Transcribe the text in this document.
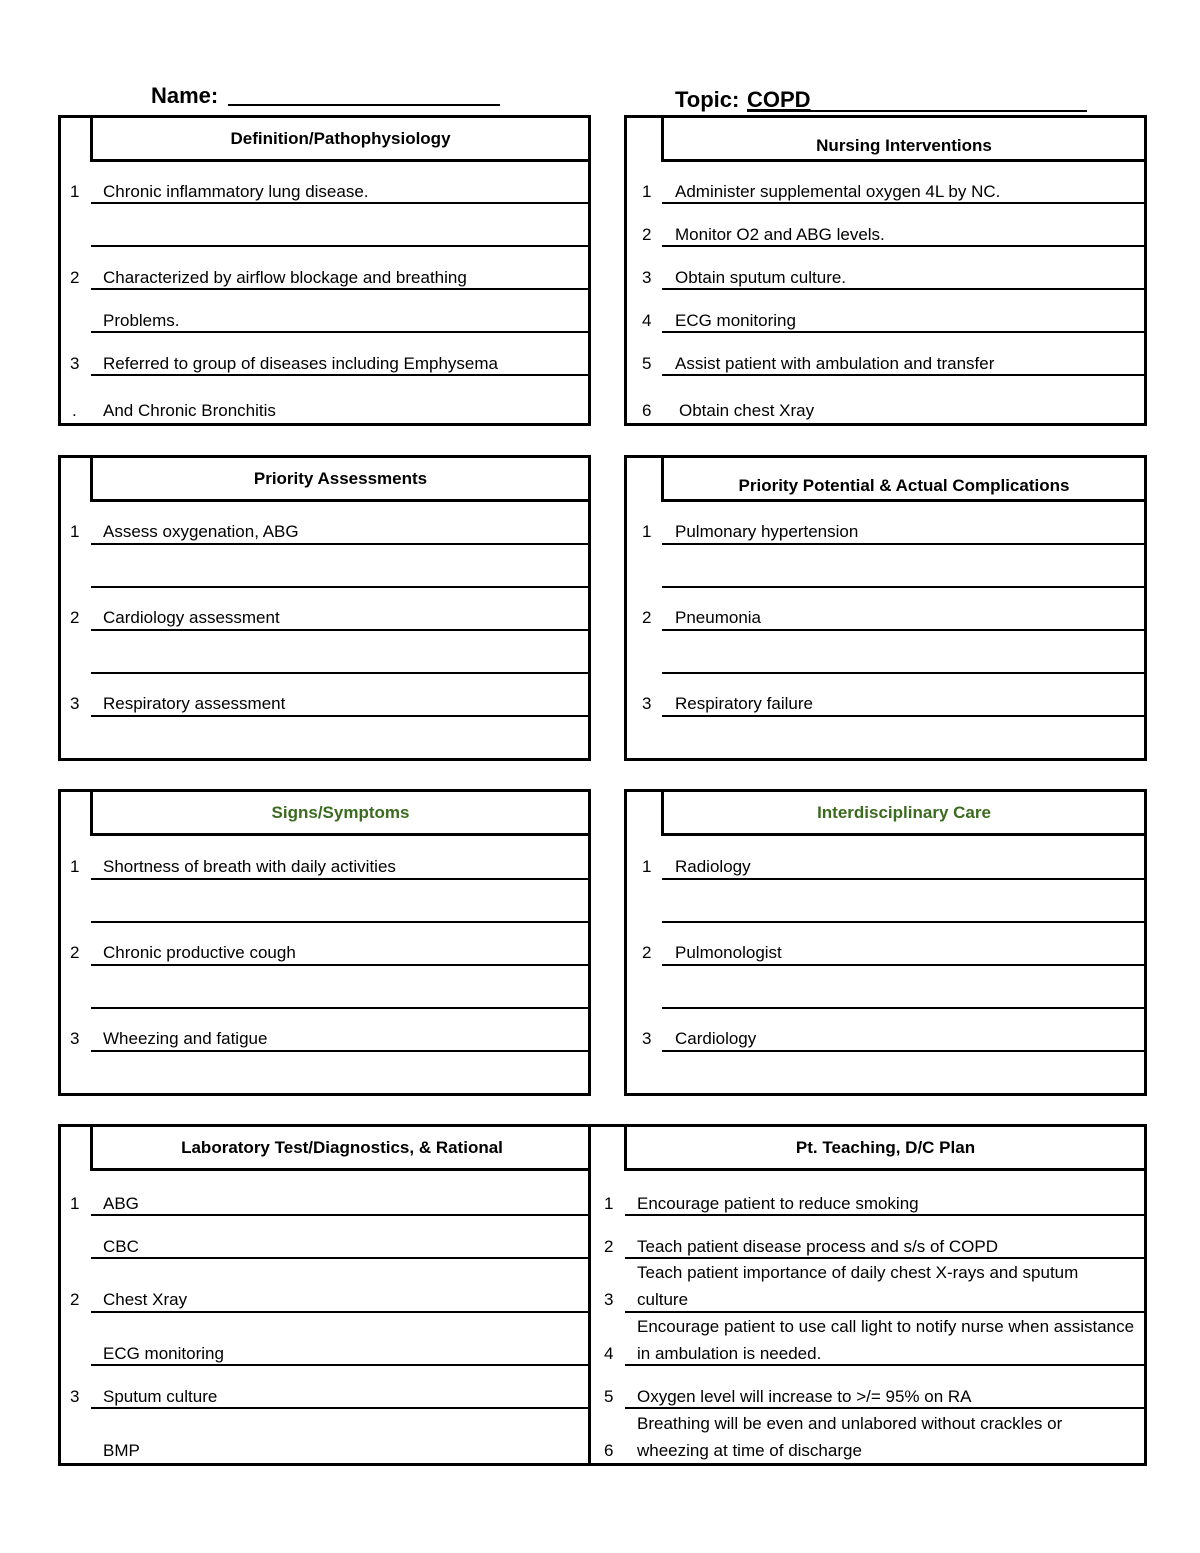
Name:	Topic: COPD
Definition/Pathophysiology
1 Chronic inflammatory lung disease.
2 Characterized by airflow blockage and breathing
Problems.
3 Referred to group of diseases including Emphysema
. And Chronic Bronchitis
Nursing Interventions
1 Administer supplemental oxygen 4L by NC.
2 Monitor O2 and ABG levels.
3 Obtain sputum culture.
4 ECG monitoring
5 Assist patient with ambulation and transfer
6 Obtain chest Xray
Priority Assessments
1 Assess oxygenation, ABG
2 Cardiology assessment
3 Respiratory assessment
Priority Potential & Actual Complications
1 Pulmonary hypertension
2 Pneumonia
3 Respiratory failure
Signs/Symptoms
1 Shortness of breath with daily activities
2 Chronic productive cough
3 Wheezing and fatigue
Interdisciplinary Care
1 Radiology
2 Pulmonologist
3 Cardiology
Laboratory Test/Diagnostics, & Rational
1 ABG
CBC
2 Chest Xray
ECG monitoring
3 Sputum culture
BMP
Pt. Teaching, D/C Plan
1 Encourage patient to reduce smoking
2 Teach patient disease process and s/s of COPD
3
Teach patient importance of daily chest X-rays and sputum culture
4
Encourage patient to use call light to notify nurse when assistance in ambulation is needed.
5 Oxygen level will increase to >/= 95% on RA
6
Breathing will be even and unlabored without crackles or wheezing at time of discharge
